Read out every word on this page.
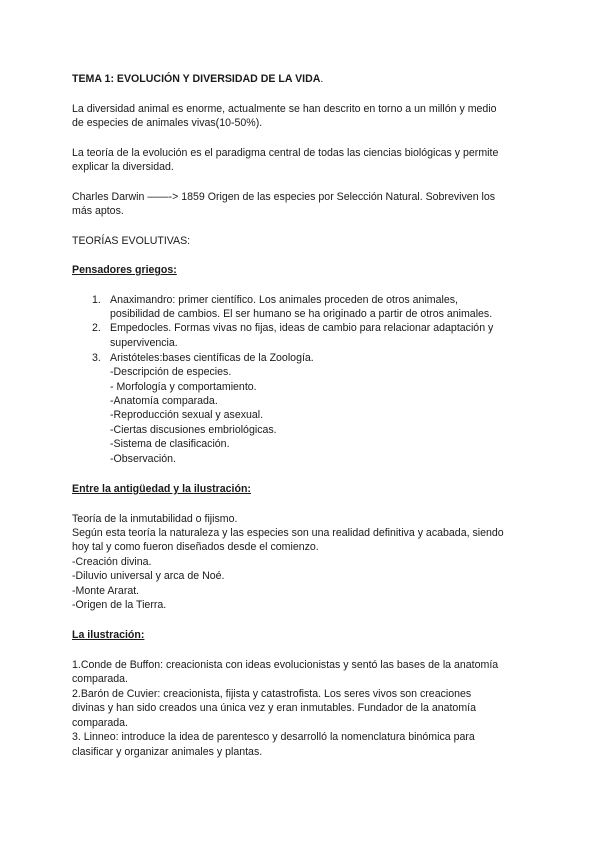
TEMA 1: EVOLUCIÓN Y DIVERSIDAD DE LA VIDA.
La diversidad animal es enorme, actualmente se han descrito en torno a un millón y medio
de especies de animales vivas(10-50%).
La teoría de la evolución es el paradigma central de todas las ciencias biológicas y permite
explicar la diversidad.
Charles Darwin ——-> 1859 Origen de las especies por Selección Natural. Sobreviven los
más aptos.
TEORÍAS EVOLUTIVAS:
Pensadores griegos:
1. Anaximandro: primer científico. Los animales proceden de otros animales,
posibilidad de cambios. El ser humano se ha originado a partir de otros animales.
2. Empedocles. Formas vivas no fijas, ideas de cambio para relacionar adaptación y
supervivencia.
3. Aristóteles:bases científicas de la Zoología.
-Descripción de especies.
- Morfología y comportamiento.
-Anatomía comparada.
-Reproducción sexual y asexual.
-Ciertas discusiones embriológicas.
-Sistema de clasificación.
-Observación.
Entre la antigüedad y la ilustración:
Teoría de la inmutabilidad o fijismo.
Según esta teoría la naturaleza y las especies son una realidad definitiva y acabada, siendo
hoy tal y como fueron diseñados desde el comienzo.
-Creación divina.
-Diluvio universal y arca de Noé.
-Monte Ararat.
-Origen de la Tierra.
La ilustración:
1.Conde de Buffon: creacionista con ideas evolucionistas y sentó las bases de la anatomía
comparada.
2.Barón de Cuvier: creacionista, fijista y catastrofista. Los seres vivos son creaciones
divinas y han sido creados una única vez y eran inmutables. Fundador de la anatomía
comparada.
3. Linneo: introduce la idea de parentesco y desarrolló la nomenclatura binómica para
clasificar y organizar animales y plantas.
